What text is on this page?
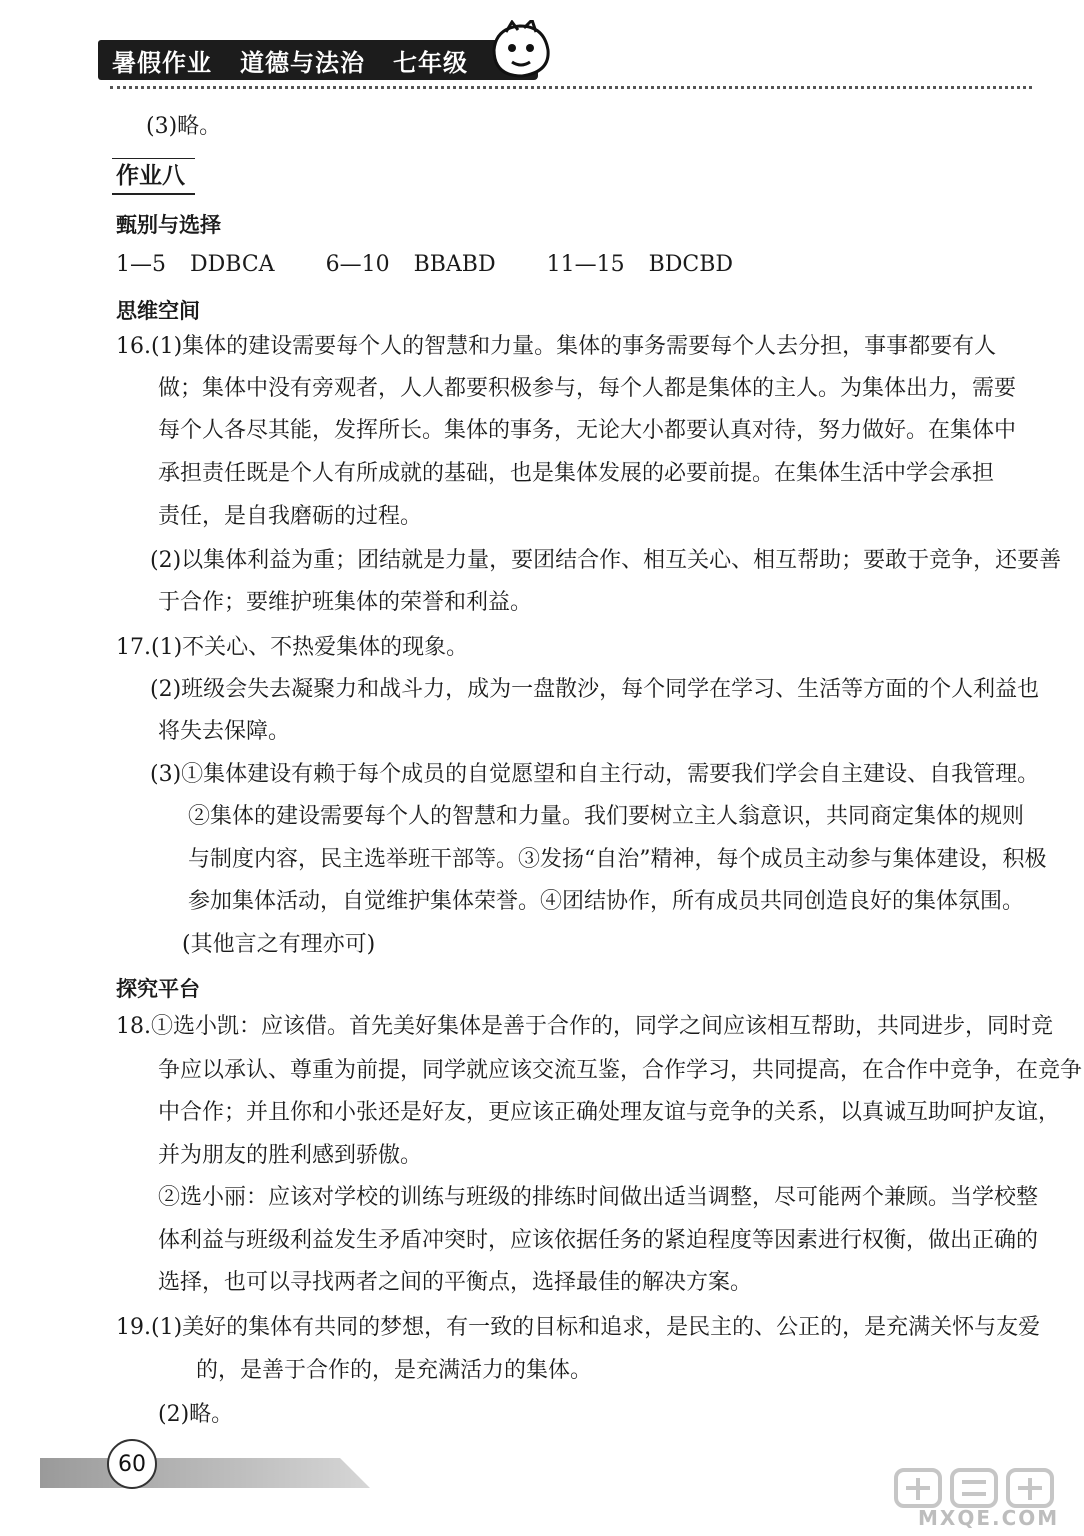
暑假作业 道德与法治 七年级
(3)略。
作业八
甄别与选择
1—5 DDBCA 6—10 BBABD 11—15 BDCBD
思维空间
16.(1)集体的建设需要每个人的智慧和力量。集体的事务需要每个人去分担，事事都要有人
做；集体中没有旁观者，人人都要积极参与，每个人都是集体的主人。为集体出力，需要
每个人各尽其能，发挥所长。集体的事务，无论大小都要认真对待，努力做好。在集体中
承担责任既是个人有所成就的基础，也是集体发展的必要前提。在集体生活中学会承担
责任，是自我磨砺的过程。
(2)以集体利益为重；团结就是力量，要团结合作、相互关心、相互帮助；要敢于竞争，还要善
于合作；要维护班集体的荣誉和利益。
17.(1)不关心、不热爱集体的现象。
(2)班级会失去凝聚力和战斗力，成为一盘散沙，每个同学在学习、生活等方面的个人利益也
将失去保障。
(3)①集体建设有赖于每个成员的自觉愿望和自主行动，需要我们学会自主建设、自我管理。
②集体的建设需要每个人的智慧和力量。我们要树立主人翁意识，共同商定集体的规则
与制度内容，民主选举班干部等。③发扬“自治”精神，每个成员主动参与集体建设，积极
参加集体活动，自觉维护集体荣誉。④团结协作，所有成员共同创造良好的集体氛围。
(其他言之有理亦可)
探究平台
18.①选小凯：应该借。首先美好集体是善于合作的，同学之间应该相互帮助，共同进步，同时竞
争应以承认、尊重为前提，同学就应该交流互鉴，合作学习，共同提高，在合作中竞争，在竞争
中合作；并且你和小张还是好友，更应该正确处理友谊与竞争的关系，以真诚互助呵护友谊，
并为朋友的胜利感到骄傲。
②选小丽：应该对学校的训练与班级的排练时间做出适当调整，尽可能两个兼顾。当学校整
体利益与班级利益发生矛盾冲突时，应该依据任务的紧迫程度等因素进行权衡，做出正确的
选择，也可以寻找两者之间的平衡点，选择最佳的解决方案。
19.(1)美好的集体有共同的梦想，有一致的目标和追求，是民主的、公正的，是充满关怀与友爱
的，是善于合作的，是充满活力的集体。
(2)略。
60
MXQE.COM
